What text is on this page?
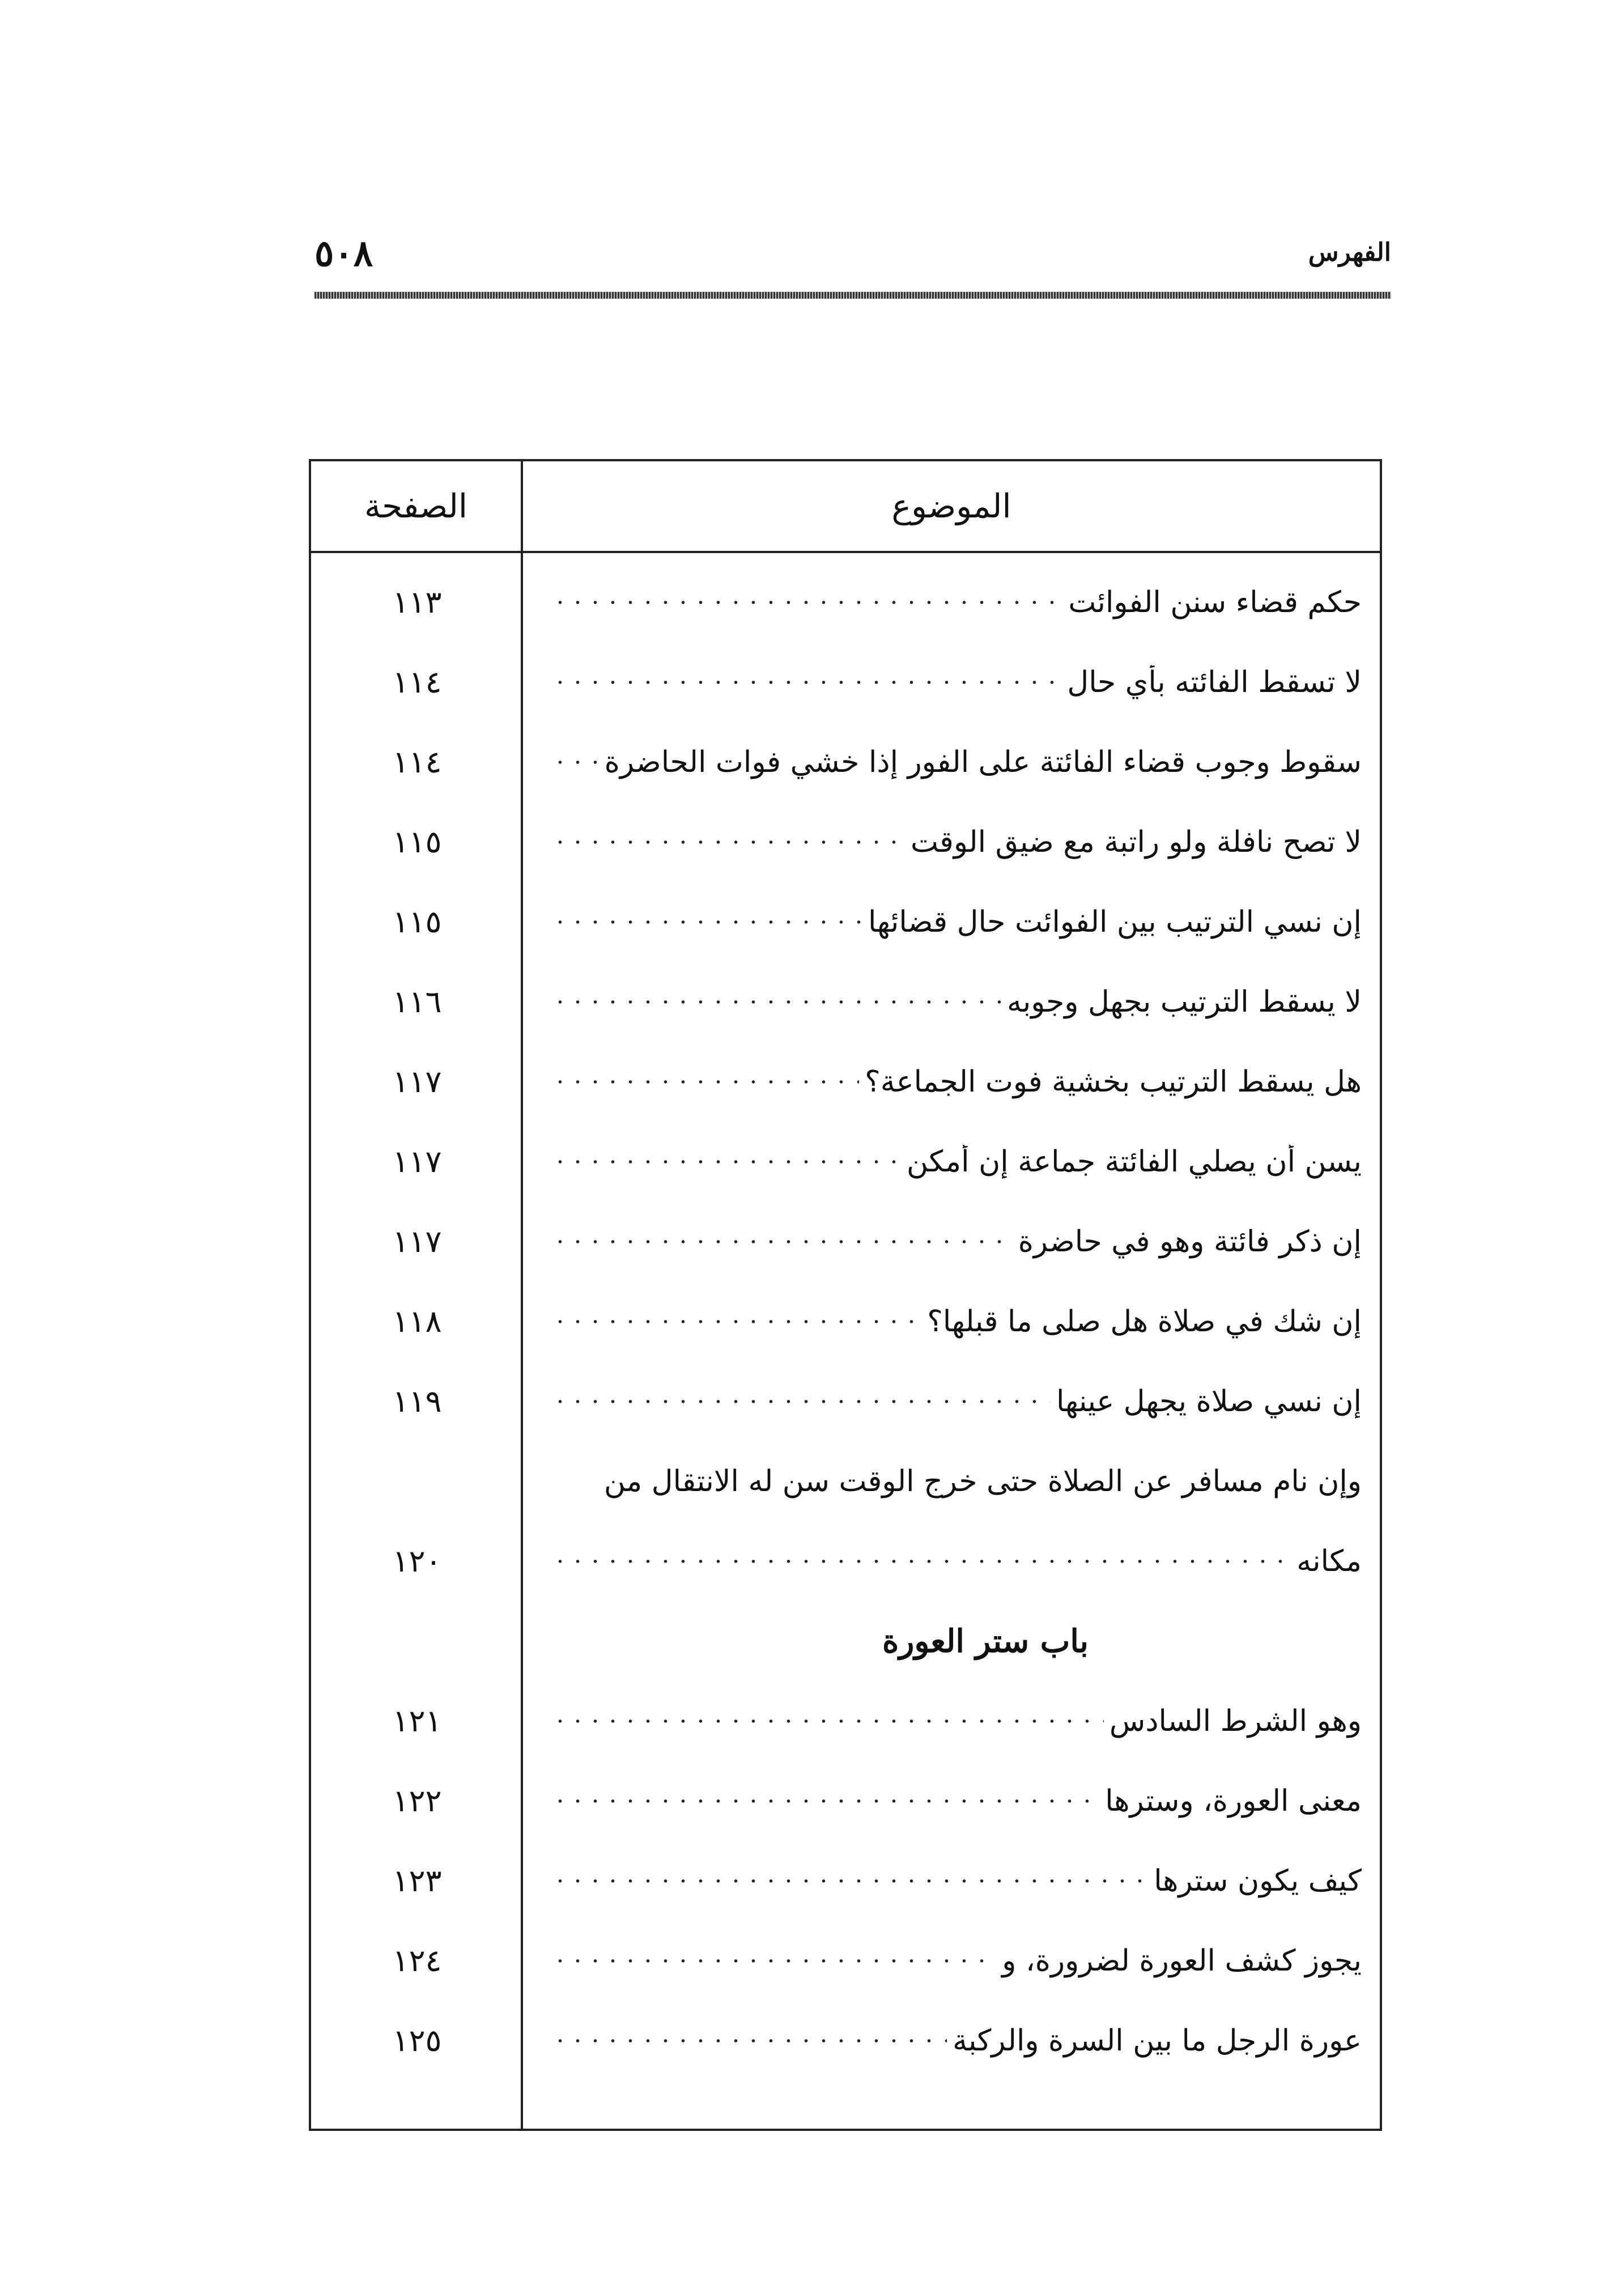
٥٠٨	الفهرس
الموضوع
الصفحة
حكم قضاء سنن الفوائت
١١٣
لا تسقط الفائته بأي حال
١١٤
سقوط وجوب قضاء الفائتة على الفور إذا خشي فوات الحاضرة
١١٤
لا تصح نافلة ولو راتبة مع ضيق الوقت
١١٥
إن نسي الترتيب بين الفوائت حال قضائها
١١٥
لا يسقط الترتيب بجهل وجوبه
١١٦
هل يسقط الترتيب بخشية فوت الجماعة؟
١١٧
يسن أن يصلي الفائتة جماعة إن أمكن
١١٧
إن ذكر فائتة وهو في حاضرة
١١٧
إن شك في صلاة هل صلى ما قبلها؟
١١٨
إن نسي صلاة يجهل عينها
١١٩
وإن نام مسافر عن الصلاة حتى خرج الوقت سن له الانتقال من
مكانه
١٢٠
باب ستر العورة
وهو الشرط السادس
١٢١
معنى العورة، وسترها
١٢٢
كيف يكون سترها
١٢٣
يجوز كشف العورة لضرورة، و
١٢٤
عورة الرجل ما بين السرة والركبة
١٢٥
